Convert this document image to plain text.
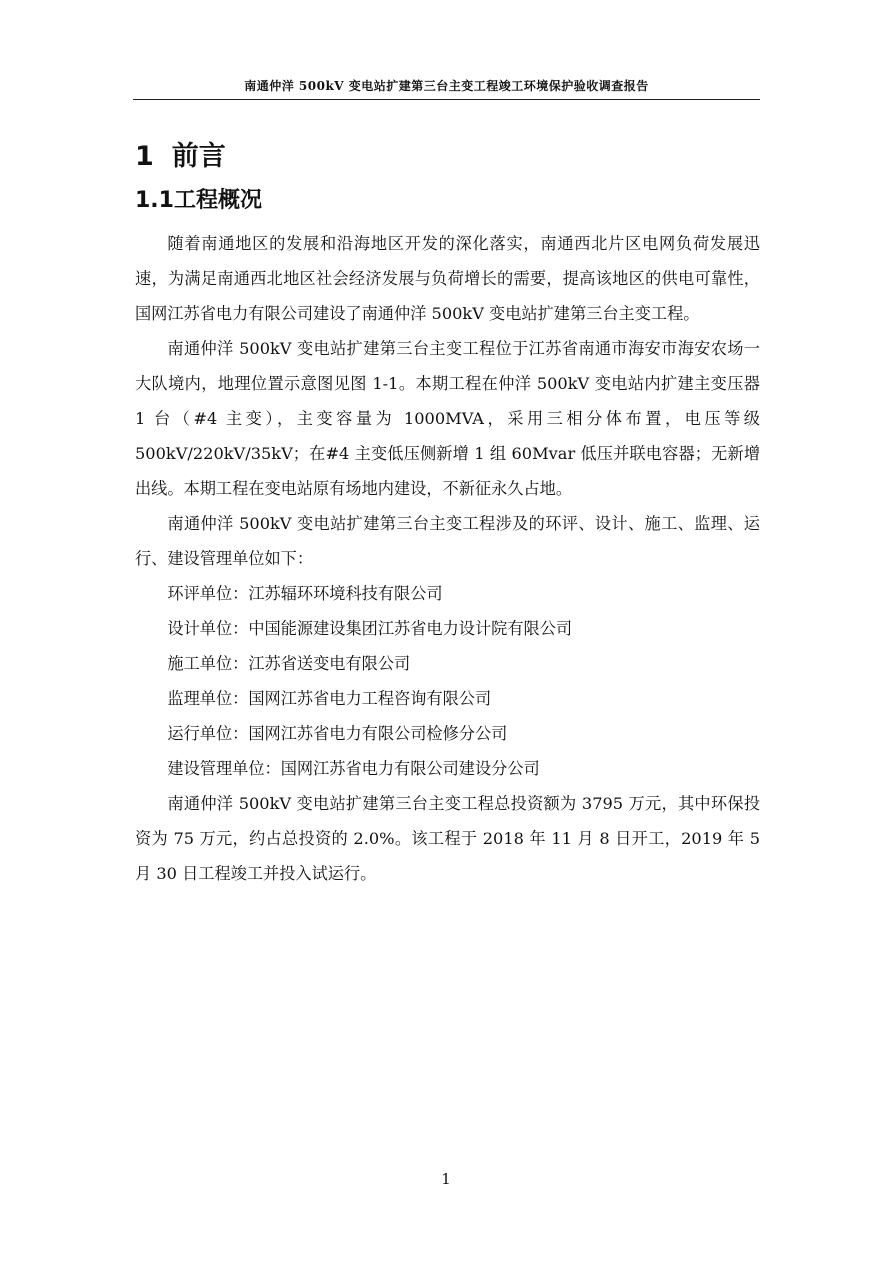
南通仲洋 500kV 变电站扩建第三台主变工程竣工环境保护验收调查报告
1 前言
1.1工程概况

随着南通地区的发展和沿海地区开发的深化落实，南通西北片区电网负荷发展迅速，为满足南通西北地区社会经济发展与负荷增长的需要，提高该地区的供电可靠性，国网江苏省电力有限公司建设了南通仲洋 500kV 变电站扩建第三台主变工程。

南通仲洋 500kV 变电站扩建第三台主变工程位于江苏省南通市海安市海安农场一大队境内，地理位置示意图见图 1-1。本期工程在仲洋 500kV 变电站内扩建主变压器 1 台（#4 主变），主变容量为 1000MVA，采用三相分体布置，电压等级 500kV/220kV/35kV；在#4 主变低压侧新增 1 组 60Mvar 低压并联电容器；无新增出线。本期工程在变电站原有场地内建设，不新征永久占地。

南通仲洋 500kV 变电站扩建第三台主变工程涉及的环评、设计、施工、监理、运行、建设管理单位如下：

环评单位：江苏辐环环境科技有限公司
设计单位：中国能源建设集团江苏省电力设计院有限公司
施工单位：江苏省送变电有限公司
监理单位：国网江苏省电力工程咨询有限公司
运行单位：国网江苏省电力有限公司检修分公司
建设管理单位：国网江苏省电力有限公司建设分公司

南通仲洋 500kV 变电站扩建第三台主变工程总投资额为 3795 万元，其中环保投资为 75 万元，约占总投资的 2.0%。该工程于 2018 年 11 月 8 日开工，2019 年 5 月 30 日工程竣工并投入试运行。

1
